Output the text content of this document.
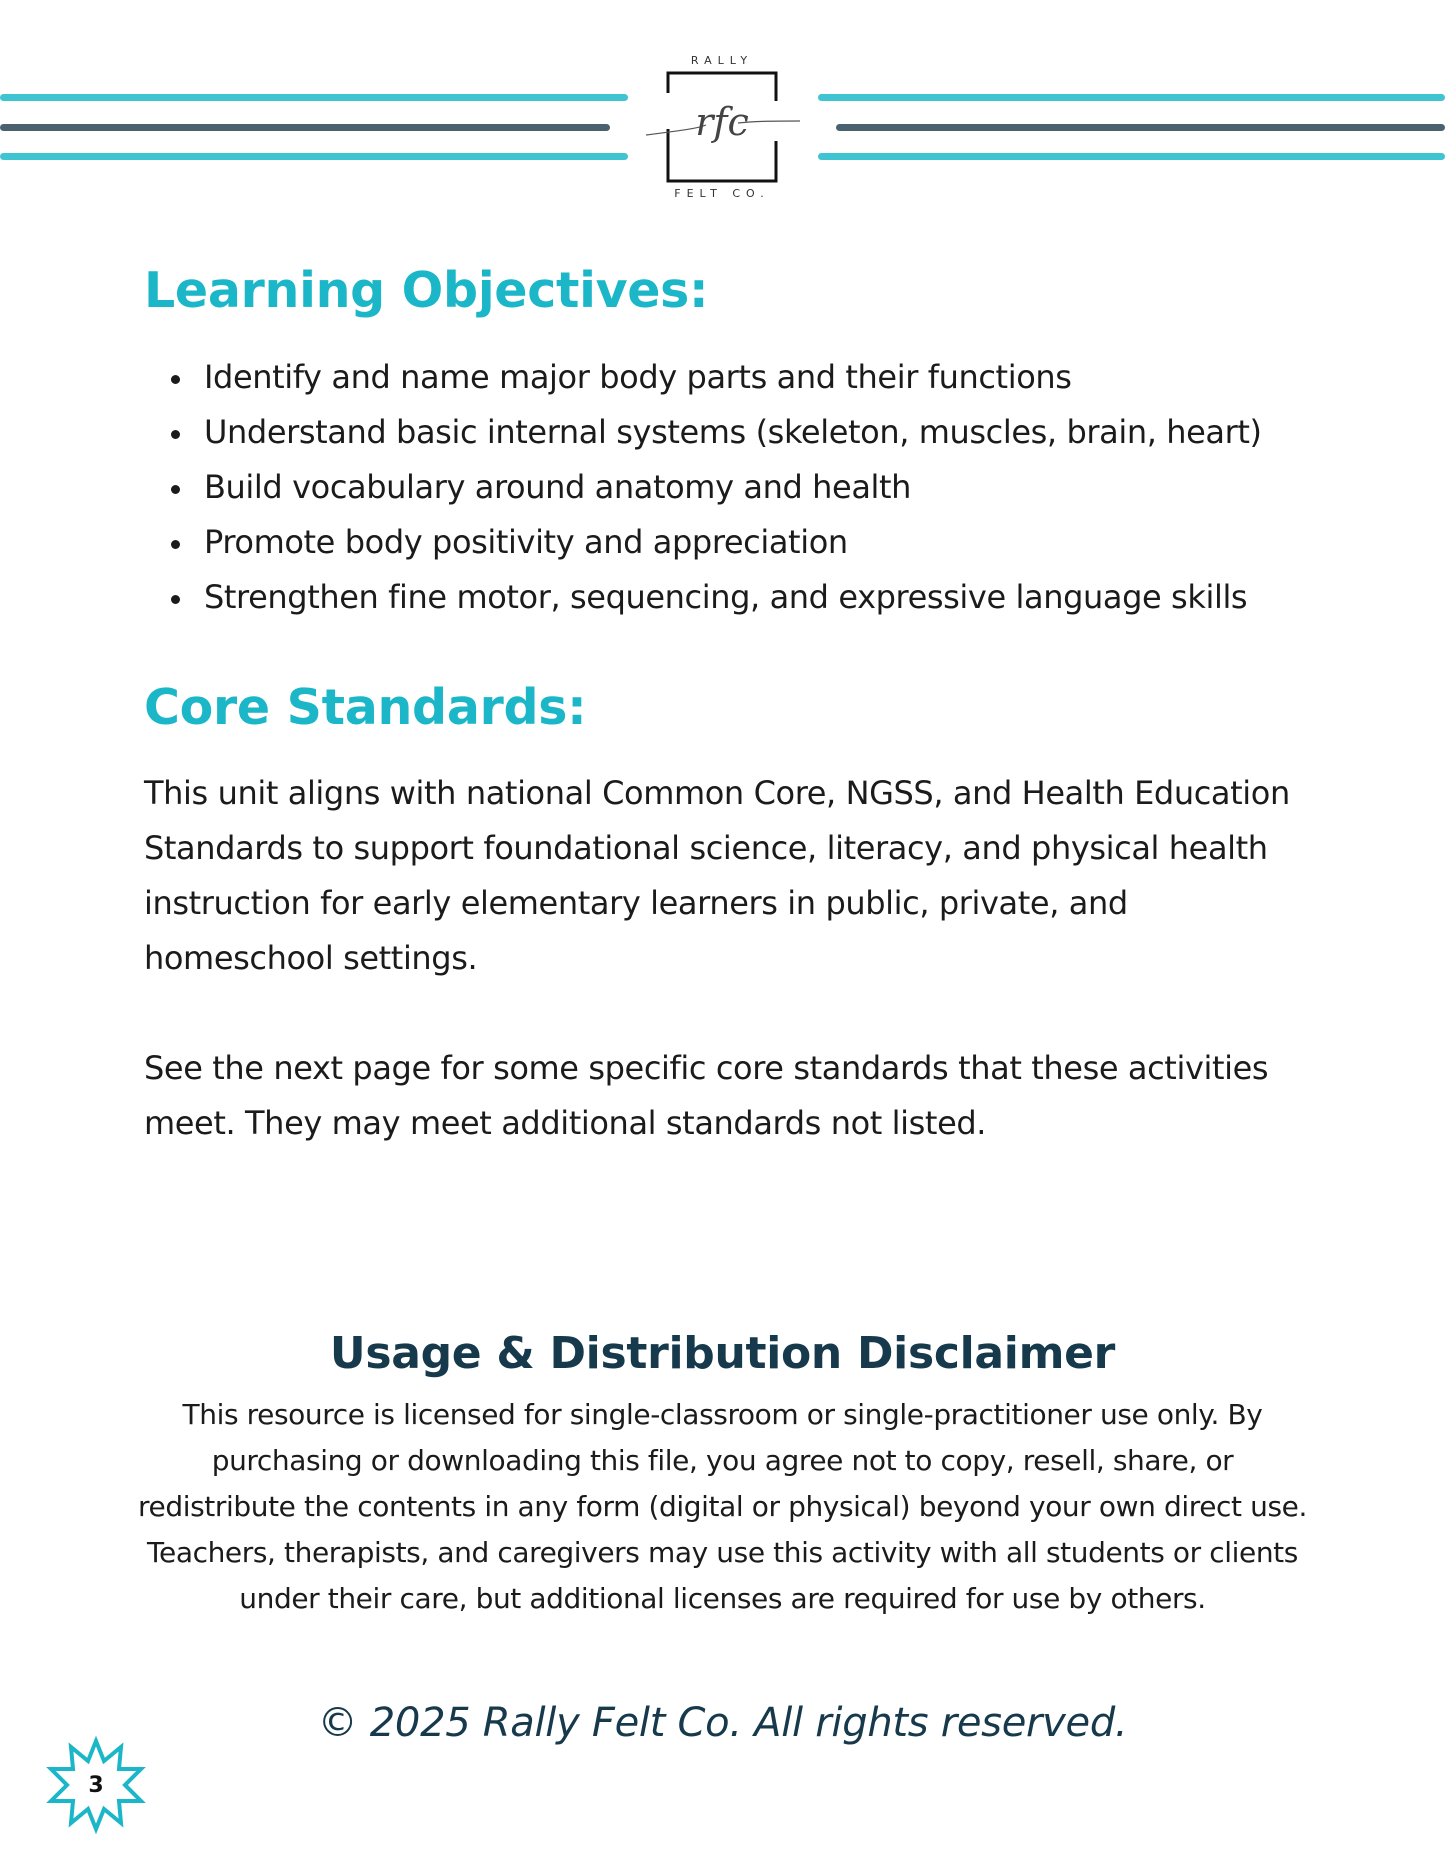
RALLY
rfc
FELT CO.
Learning Objectives:
Identify and name major body parts and their functions
Understand basic internal systems (skeleton, muscles, brain, heart)
Build vocabulary around anatomy and health
Promote body positivity and appreciation
Strengthen fine motor, sequencing, and expressive language skills
Core Standards:

This unit aligns with national Common Core, NGSS, and Health Education Standards to support foundational science, literacy, and physical health instruction for early elementary learners in public, private, and homeschool settings.

See the next page for some specific core standards that these activities meet. They may meet additional standards not listed.

Usage & Distribution Disclaimer

This resource is licensed for single-classroom or single-practitioner use only. By purchasing or downloading this file, you agree not to copy, resell, share, or redistribute the contents in any form (digital or physical) beyond your own direct use. Teachers, therapists, and caregivers may use this activity with all students or clients under their care, but additional licenses are required for use by others.

© 2025 Rally Felt Co. All rights reserved.

3
